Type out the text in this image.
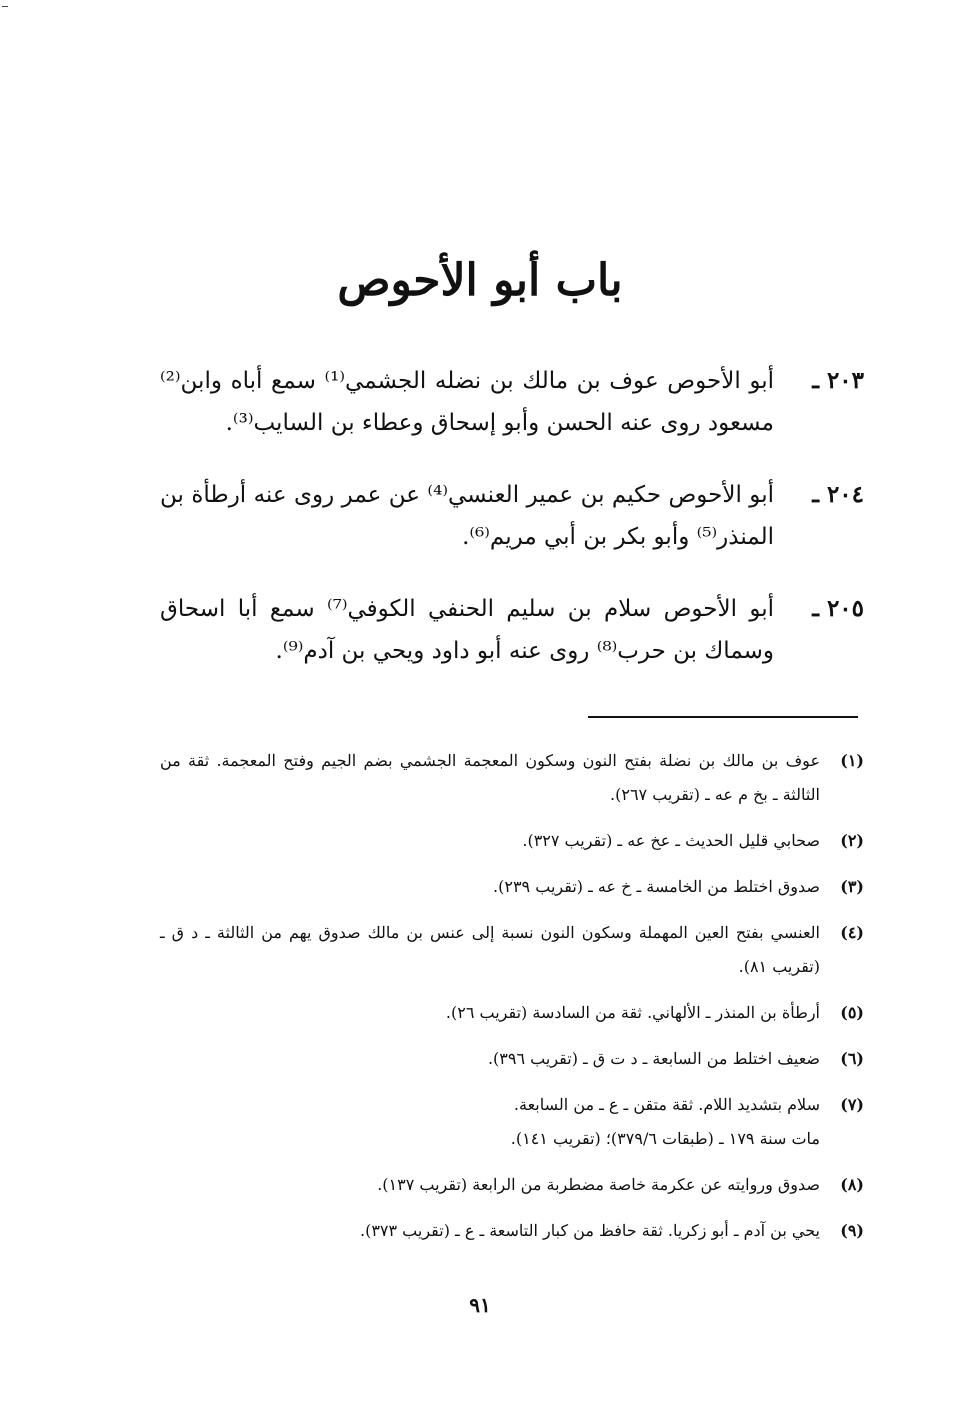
باب أبو الأحوص
٢٠٣ ـ
أبو الأحوص عوف بن مالك بن نضله الجشمي⁽¹⁾ سمع أباه وابن⁽²⁾ مسعود روى عنه الحسن وأبو إسحاق وعطاء بن السايب⁽³⁾.
٢٠٤ ـ
أبو الأحوص حكيم بن عمير العنسي⁽⁴⁾ عن عمر روى عنه أرطأة بن المنذر⁽⁵⁾ وأبو بكر بن أبي مريم⁽⁶⁾.
٢٠٥ ـ
أبو الأحوص سلام بن سليم الحنفي الكوفي⁽⁷⁾ سمع أبا اسحاق وسماك بن حرب⁽⁸⁾ روى عنه أبو داود ويحي بن آدم⁽⁹⁾.
(١)
عوف بن مالك بن نضلة بفتح النون وسكون المعجمة الجشمي بضم الجيم وفتح المعجمة. ثقة من الثالثة ـ بخ م عه ـ (تقريب ٢٦٧).
(٢)
صحابي قليل الحديث ـ عخ عه ـ (تقريب ٣٢٧).
(٣)
صدوق اختلط من الخامسة ـ خ عه ـ (تقريب ٢٣٩).
(٤)
العنسي بفتح العين المهملة وسكون النون نسبة إلى عنس بن مالك صدوق يهم من الثالثة ـ د ق ـ (تقريب ٨١).
(٥)
أرطأة بن المنذر ـ الألهاني. ثقة من السادسة (تقريب ٢٦).
(٦)
ضعيف اختلط من السابعة ـ د ت ق ـ (تقريب ٣٩٦).
(٧)
سلام بتشديد اللام. ثقة متقن ـ ع ـ من السابعة.
مات سنة ١٧٩ ـ (طبقات ٣٧٩/٦)؛ (تقريب ١٤١).
(٨)
صدوق وروايته عن عكرمة خاصة مضطربة من الرابعة (تقريب ١٣٧).
(٩)
يحي بن آدم ـ أبو زكريا. ثقة حافظ من كبار التاسعة ـ ع ـ (تقريب ٣٧٣).
٩١
